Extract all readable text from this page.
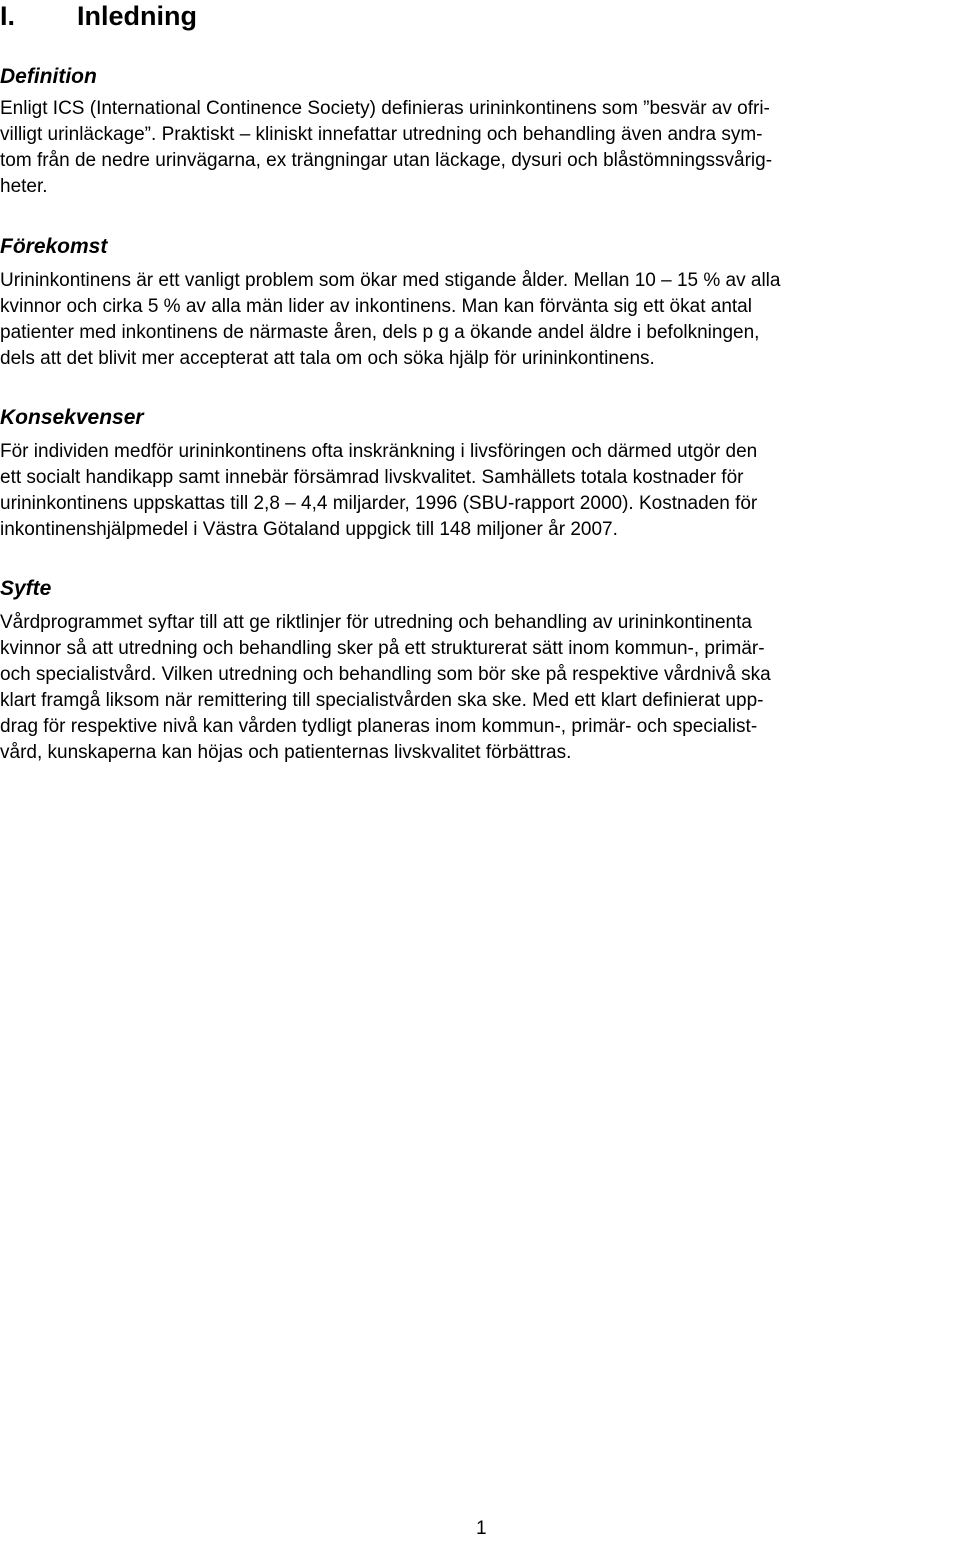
I. Inledning
Definition
Enligt ICS (International Continence Society) definieras urininkontinens som ”besvär av ofri-
villigt urinläckage”. Praktiskt – kliniskt innefattar utredning och behandling även andra sym-
tom från de nedre urinvägarna, ex trängningar utan läckage, dysuri och blåstömningssvårig-
heter.
Förekomst
Urininkontinens är ett vanligt problem som ökar med stigande ålder. Mellan 10 – 15 % av alla
kvinnor och cirka 5 % av alla män lider av inkontinens. Man kan förvänta sig ett ökat antal
patienter med inkontinens de närmaste åren, dels p g a ökande andel äldre i befolkningen,
dels att det blivit mer accepterat att tala om och söka hjälp för urininkontinens.
Konsekvenser
För individen medför urininkontinens ofta inskränkning i livsföringen och därmed utgör den
ett socialt handikapp samt innebär försämrad livskvalitet. Samhällets totala kostnader för
urininkontinens uppskattas till 2,8 – 4,4 miljarder, 1996 (SBU-rapport 2000). Kostnaden för
inkontinenshjälpmedel i Västra Götaland uppgick till 148 miljoner år 2007.
Syfte
Vårdprogrammet syftar till att ge riktlinjer för utredning och behandling av urininkontinenta
kvinnor så att utredning och behandling sker på ett strukturerat sätt inom kommun-, primär-
och specialistvård. Vilken utredning och behandling som bör ske på respektive vårdnivå ska
klart framgå liksom när remittering till specialistvården ska ske. Med ett klart definierat upp-
drag för respektive nivå kan vården tydligt planeras inom kommun-, primär- och specialist-
vård, kunskaperna kan höjas och patienternas livskvalitet förbättras.
1
